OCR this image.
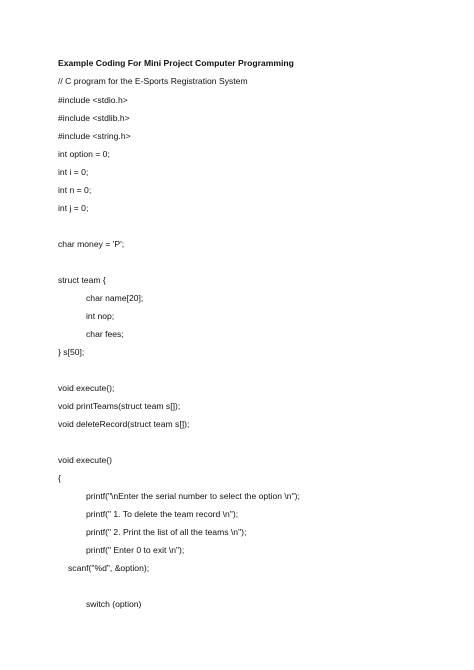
Example Coding For Mini Project Computer Programming
// C program for the E-Sports Registration System
#include <stdio.h>
#include <stdlib.h>
#include <string.h>
int option = 0;
int i = 0;
int n = 0;
int j = 0;
char money = 'P';
struct team {
char name[20];
int nop;
char fees;
} s[50];
void execute();
void printTeams(struct team s[]);
void deleteRecord(struct team s[]);
void execute()
{
printf("\nEnter the serial number to select the option \n");
printf(" 1. To delete the team record \n");
printf(" 2. Print the list of all the teams \n");
printf(" Enter 0 to exit \n");
scanf("%d", &option);
switch (option)
